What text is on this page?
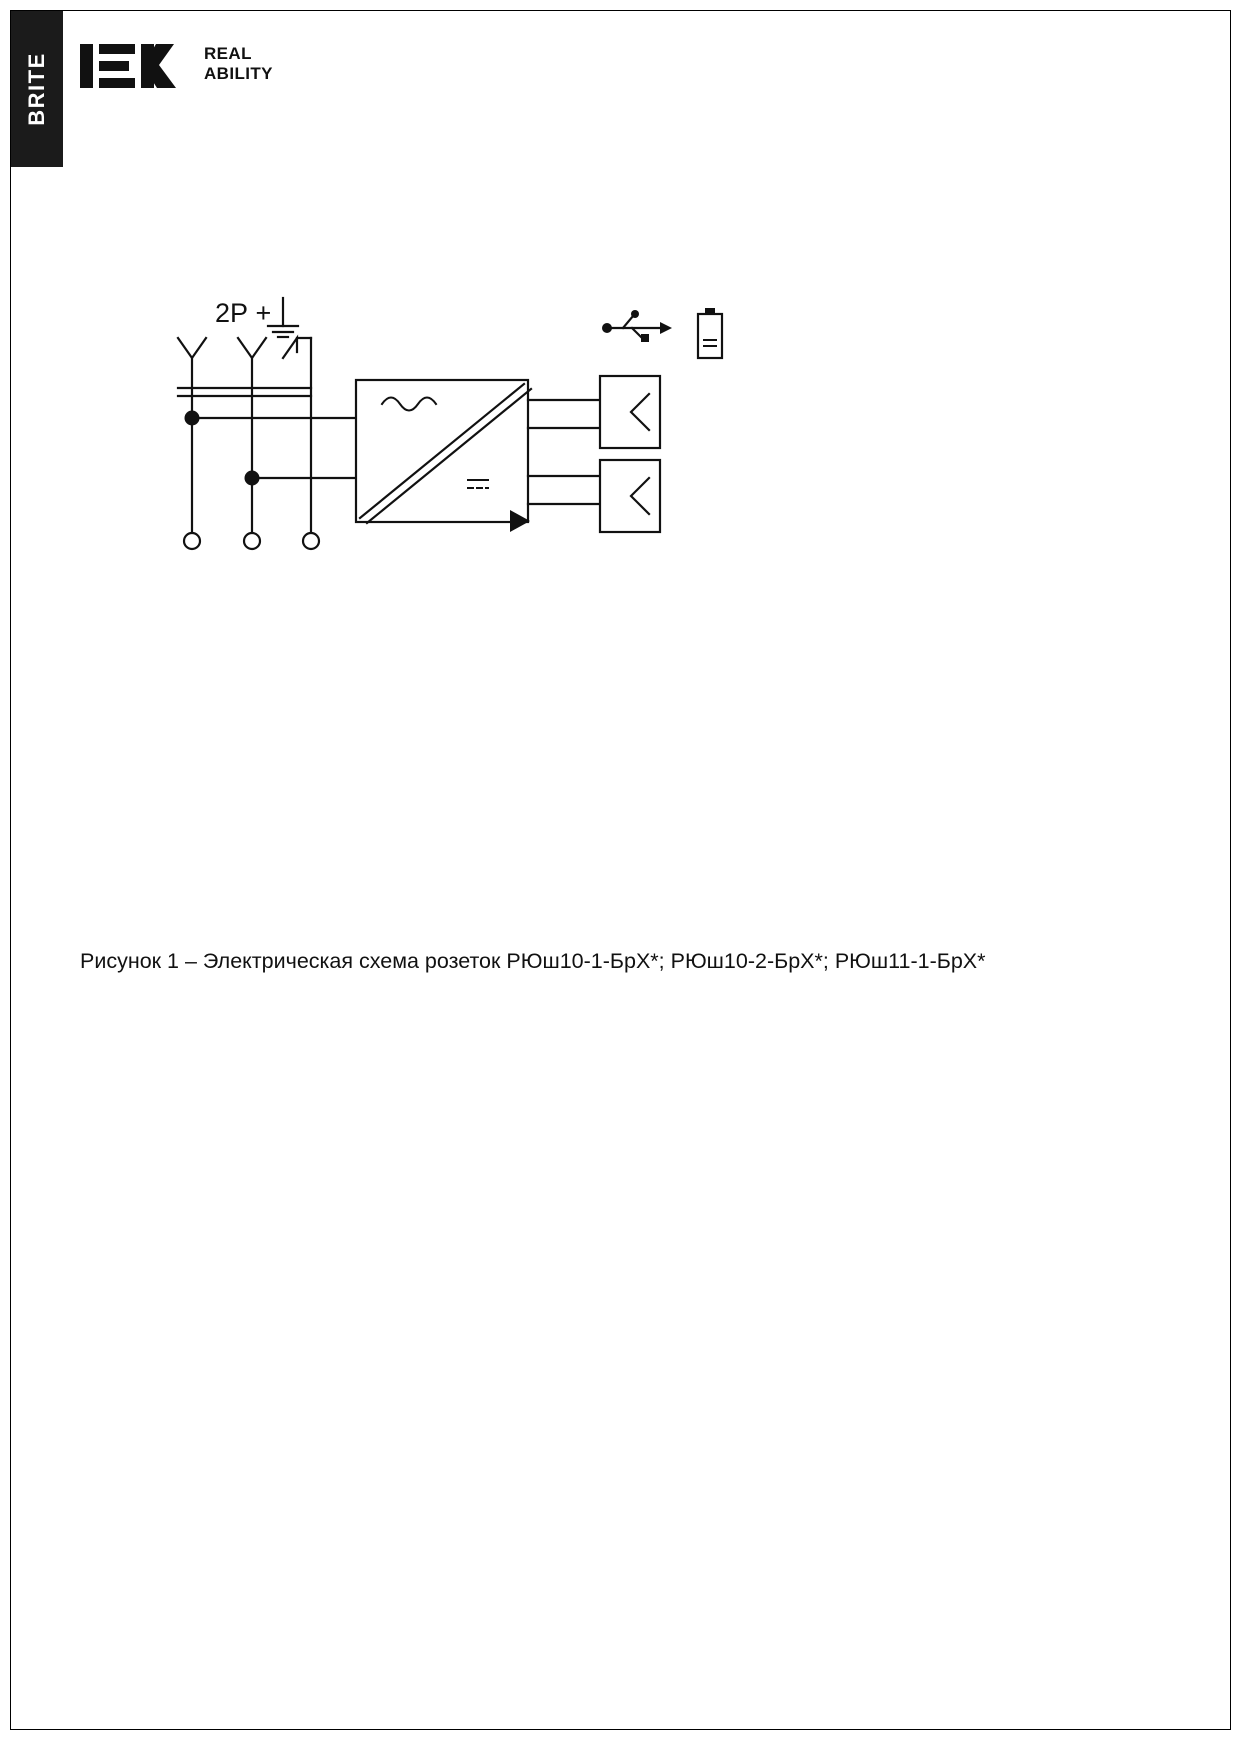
BRITE	REAL
ABILITY
2P +
Рисунок 1 – Электрическая схема розеток РЮш10-1-БрХ*; РЮш10-2-БрХ*; РЮш11-1-БрХ*
